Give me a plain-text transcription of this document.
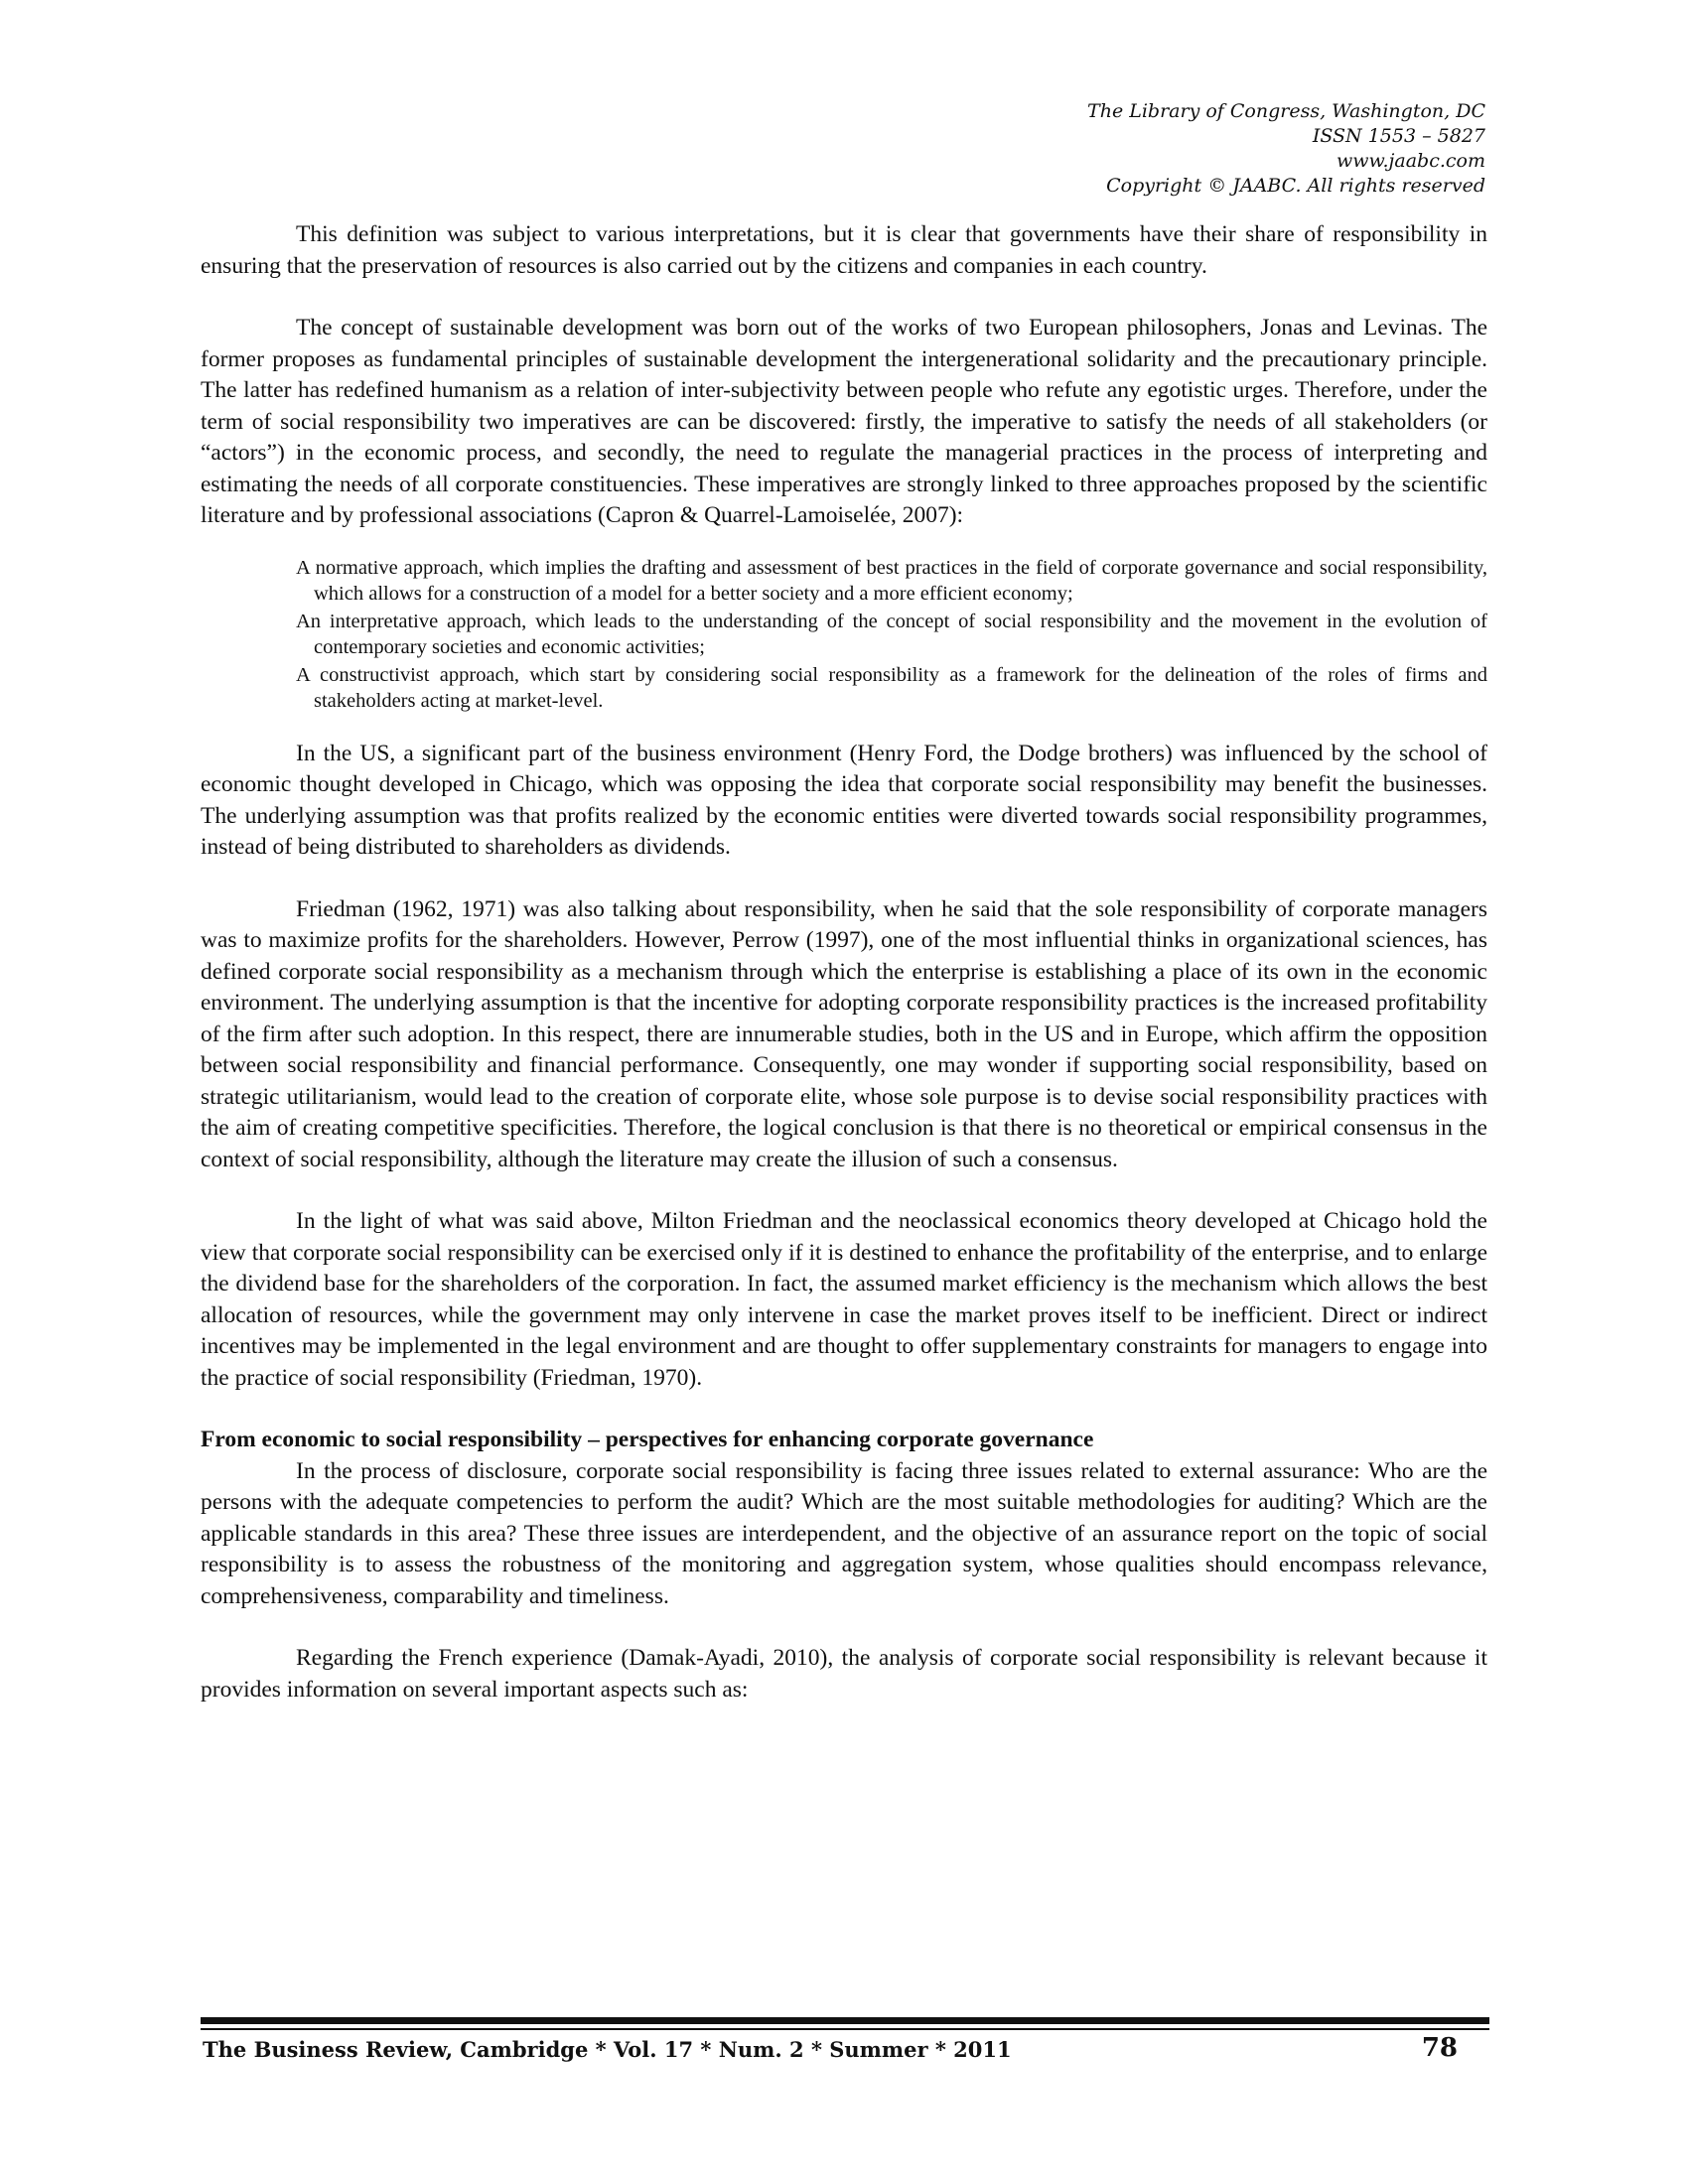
The Library of Congress, Washington, DC
ISSN 1553 – 5827
www.jaabc.com
Copyright © JAABC. All rights reserved

This definition was subject to various interpretations, but it is clear that governments have their share of responsibility in ensuring that the preservation of resources is also carried out by the citizens and companies in each country.

The concept of sustainable development was born out of the works of two European philosophers, Jonas and Levinas. The former proposes as fundamental principles of sustainable development the intergenerational solidarity and the precautionary principle. The latter has redefined humanism as a relation of inter-subjectivity between people who refute any egotistic urges. Therefore, under the term of social responsibility two imperatives are can be discovered: firstly, the imperative to satisfy the needs of all stakeholders (or “actors”) in the economic process, and secondly, the need to regulate the managerial practices in the process of interpreting and estimating the needs of all corporate constituencies. These imperatives are strongly linked to three approaches proposed by the scientific literature and by professional associations (Capron & Quarrel-Lamoiselée, 2007):

A normative approach, which implies the drafting and assessment of best practices in the field of corporate governance and social responsibility, which allows for a construction of a model for a better society and a more efficient economy;
An interpretative approach, which leads to the understanding of the concept of social responsibility and the movement in the evolution of contemporary societies and economic activities;
A constructivist approach, which start by considering social responsibility as a framework for the delineation of the roles of firms and stakeholders acting at market-level.

In the US, a significant part of the business environment (Henry Ford, the Dodge brothers) was influenced by the school of economic thought developed in Chicago, which was opposing the idea that corporate social responsibility may benefit the businesses. The underlying assumption was that profits realized by the economic entities were diverted towards social responsibility programmes, instead of being distributed to shareholders as dividends.

Friedman (1962, 1971) was also talking about responsibility, when he said that the sole responsibility of corporate managers was to maximize profits for the shareholders. However, Perrow (1997), one of the most influential thinks in organizational sciences, has defined corporate social responsibility as a mechanism through which the enterprise is establishing a place of its own in the economic environment. The underlying assumption is that the incentive for adopting corporate responsibility practices is the increased profitability of the firm after such adoption. In this respect, there are innumerable studies, both in the US and in Europe, which affirm the opposition between social responsibility and financial performance. Consequently, one may wonder if supporting social responsibility, based on strategic utilitarianism, would lead to the creation of corporate elite, whose sole purpose is to devise social responsibility practices with the aim of creating competitive specificities. Therefore, the logical conclusion is that there is no theoretical or empirical consensus in the context of social responsibility, although the literature may create the illusion of such a consensus.

In the light of what was said above, Milton Friedman and the neoclassical economics theory developed at Chicago hold the view that corporate social responsibility can be exercised only if it is destined to enhance the profitability of the enterprise, and to enlarge the dividend base for the shareholders of the corporation. In fact, the assumed market efficiency is the mechanism which allows the best allocation of resources, while the government may only intervene in case the market proves itself to be inefficient. Direct or indirect incentives may be implemented in the legal environment and are thought to offer supplementary constraints for managers to engage into the practice of social responsibility (Friedman, 1970).

From economic to social responsibility – perspectives for enhancing corporate governance

In the process of disclosure, corporate social responsibility is facing three issues related to external assurance: Who are the persons with the adequate competencies to perform the audit? Which are the most suitable methodologies for auditing? Which are the applicable standards in this area? These three issues are interdependent, and the objective of an assurance report on the topic of social responsibility is to assess the robustness of the monitoring and aggregation system, whose qualities should encompass relevance, comprehensiveness, comparability and timeliness.

Regarding the French experience (Damak-Ayadi, 2010), the analysis of corporate social responsibility is relevant because it provides information on several important aspects such as:

The Business Review, Cambridge * Vol. 17 * Num. 2 * Summer * 2011	78
